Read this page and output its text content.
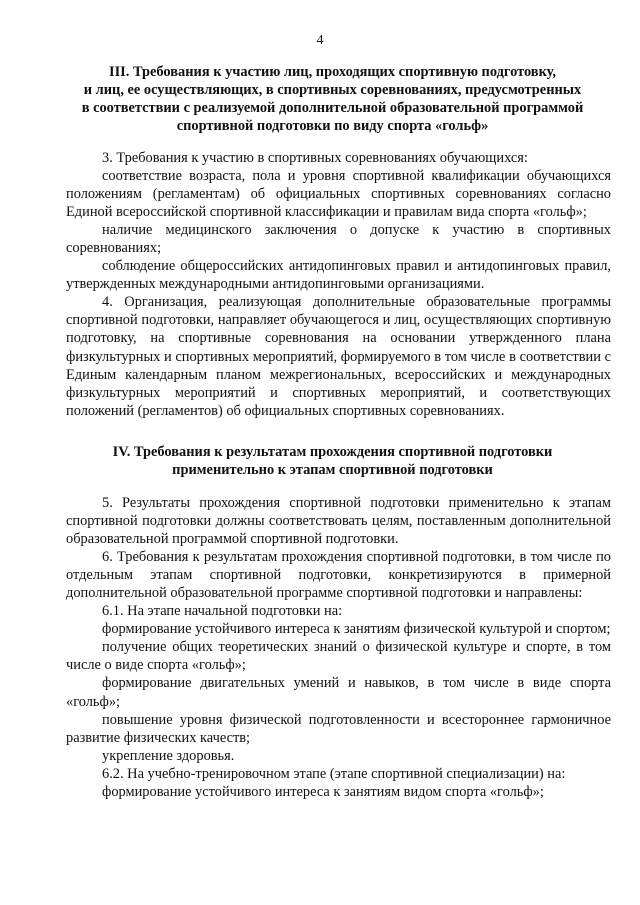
4
III. Требования к участию лиц, проходящих спортивную подготовку,
и лиц, ее осуществляющих, в спортивных соревнованиях, предусмотренных
в соответствии с реализуемой дополнительной образовательной программой
спортивной подготовки по виду спорта «гольф»

3. Требования к участию в спортивных соревнованиях обучающихся:

соответствие возраста, пола и уровня спортивной квалификации обучающихся положениям (регламентам) об официальных спортивных соревнованиях согласно Единой всероссийской спортивной классификации и правилам вида спорта «гольф»;

наличие медицинского заключения о допуске к участию в спортивных соревнованиях;

соблюдение общероссийских антидопинговых правил и антидопинговых правил, утвержденных международными антидопинговыми организациями.

4. Организация, реализующая дополнительные образовательные программы спортивной подготовки, направляет обучающегося и лиц, осуществляющих спортивную подготовку, на спортивные соревнования на основании утвержденного плана физкультурных и спортивных мероприятий, формируемого в том числе в соответствии с Единым календарным планом межрегиональных, всероссийских и международных физкультурных мероприятий и спортивных мероприятий, и соответствующих положений (регламентов) об официальных спортивных соревнованиях.

IV. Требования к результатам прохождения спортивной подготовки
применительно к этапам спортивной подготовки

5. Результаты прохождения спортивной подготовки применительно к этапам спортивной подготовки должны соответствовать целям, поставленным дополнительной образовательной программой спортивной подготовки.

6. Требования к результатам прохождения спортивной подготовки, в том числе по отдельным этапам спортивной подготовки, конкретизируются в примерной дополнительной образовательной программе спортивной подготовки и направлены:

6.1. На этапе начальной подготовки на:

формирование устойчивого интереса к занятиям физической культурой и спортом;

получение общих теоретических знаний о физической культуре и спорте, в том числе о виде спорта «гольф»;

формирование двигательных умений и навыков, в том числе в виде спорта «гольф»;

повышение уровня физической подготовленности и всестороннее гармоничное развитие физических качеств;

укрепление здоровья.

6.2. На учебно-тренировочном этапе (этапе спортивной специализации) на:

формирование устойчивого интереса к занятиям видом спорта «гольф»;
